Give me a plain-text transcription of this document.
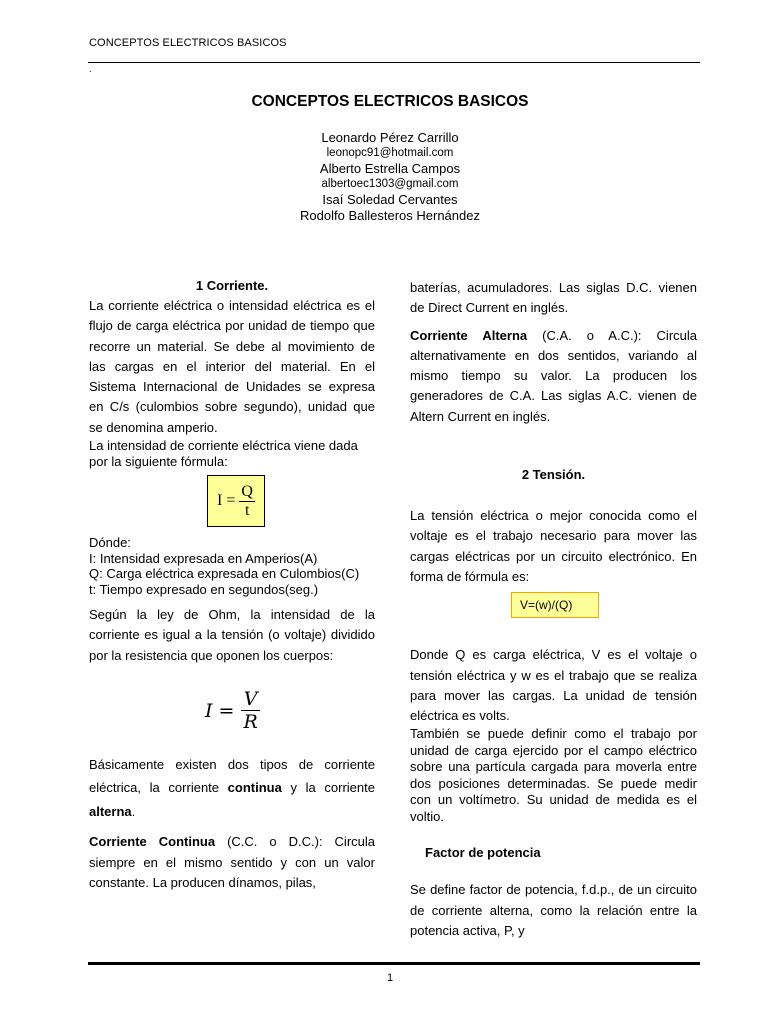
CONCEPTOS ELECTRICOS BASICOS
.
CONCEPTOS ELECTRICOS BASICOS
Leonardo Pérez Carrillo
leonopc91@hotmail.com
Alberto Estrella Campos
albertoec1303@gmail.com
Isaí Soledad Cervantes
Rodolfo Ballesteros Hernández
1 Corriente.
La corriente eléctrica o intensidad eléctrica es el flujo de carga eléctrica por unidad de tiempo que recorre un material. Se debe al movimiento de las cargas en el interior del material. En el Sistema Internacional de Unidades se expresa en C/s (culombios sobre segundo), unidad que se denomina amperio.
La intensidad de corriente eléctrica viene dada por la siguiente fórmula:
I =
$\frac{Q}{t}$
Dónde:
I: Intensidad expresada en Amperios(A)
Q: Carga eléctrica expresada en Culombios(C)
t: Tiempo expresado en segundos(seg.)
Según la ley de Ohm, la intensidad de la corriente es igual a la tensión (o voltaje) dividido por la resistencia que oponen los cuerpos:
$I = \frac{V}{R}$
Básicamente existen dos tipos de corriente eléctrica, la corriente continua y la corriente alterna.
Corriente Continua (C.C. o D.C.): Circula siempre en el mismo sentido y con un valor constante. La producen dínamos, pilas,
baterías, acumuladores. Las siglas D.C. vienen de Direct Current en inglés.
Corriente Alterna (C.A. o A.C.): Circula alternativamente en dos sentidos, variando al mismo tiempo su valor. La producen los generadores de C.A. Las siglas A.C. vienen de Altern Current en inglés.
2 Tensión.
La tensión eléctrica o mejor conocida como el voltaje es el trabajo necesario para mover las cargas eléctricas por un circuito electrónico. En forma de fórmula es:
V=(w)/(Q)
Donde Q es carga eléctrica, V es el voltaje o tensión eléctrica y w es el trabajo que se realiza para mover las cargas. La unidad de tensión eléctrica es volts.
También se puede definir como el trabajo por unidad de carga ejercido por el campo eléctrico sobre una partícula cargada para moverla entre dos posiciones determinadas. Se puede medir con un voltímetro. Su unidad de medida es el voltio.
Factor de potencia
Se define factor de potencia, f.d.p., de un circuito de corriente alterna, como la relación entre la potencia activa, P, y
1
